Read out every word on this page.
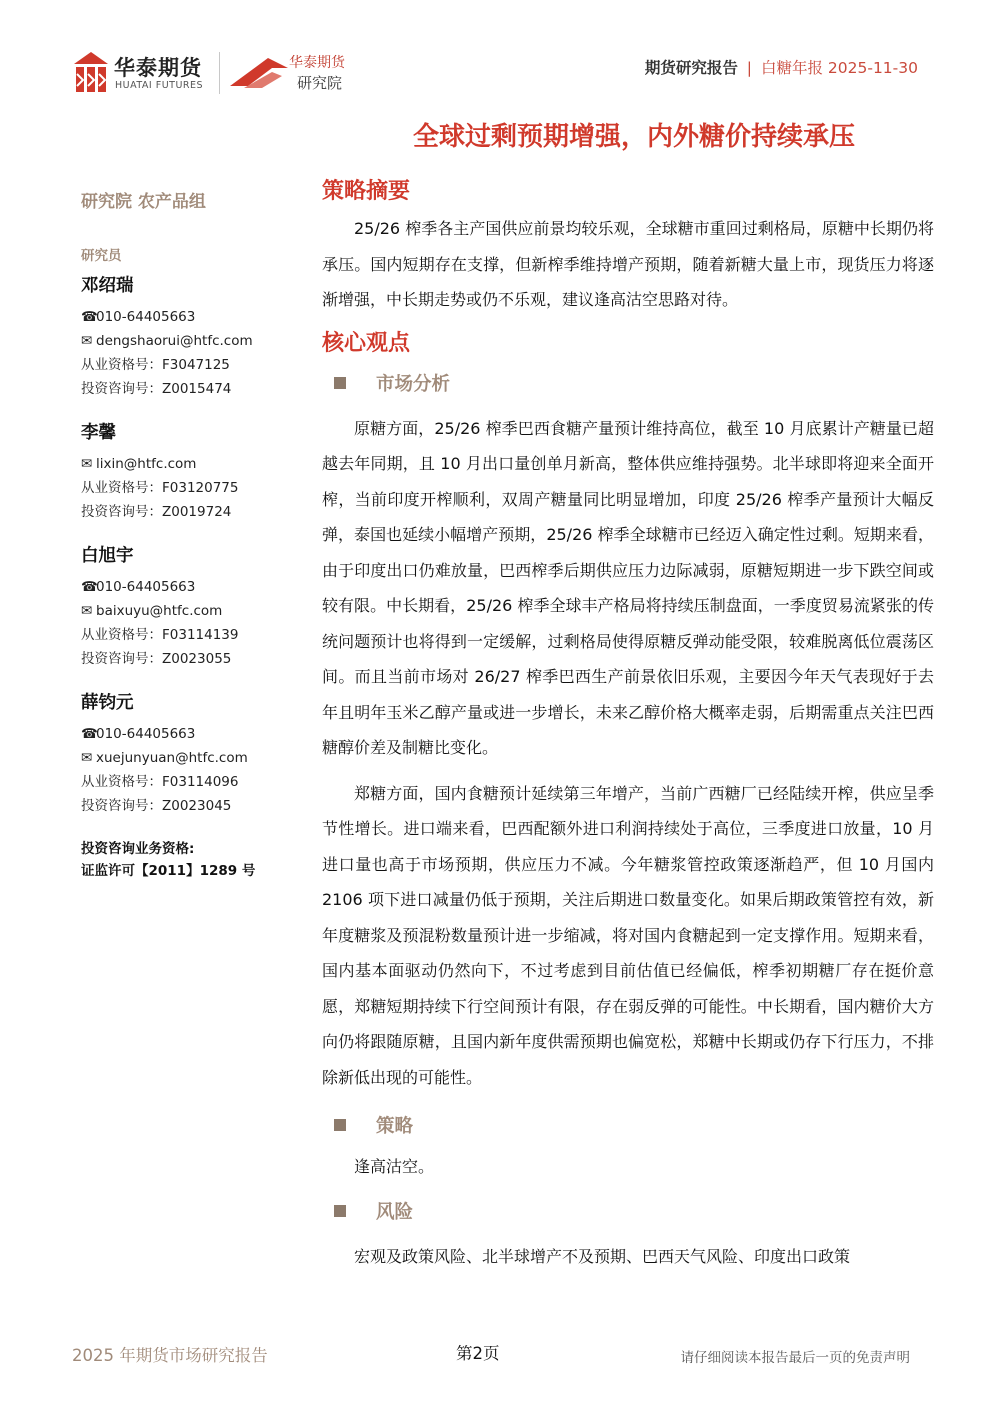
华泰期货
HUATAI FUTURES
华泰期货
研究院
期货研究报告 | 白糖年报 2025-11-30
全球过剩预期增强，内外糖价持续承压
研究院 农产品组
研究员
邓绍瑞
☎010-64405663
✉ dengshaorui@htfc.com
从业资格号：F3047125
投资咨询号：Z0015474
李馨
✉ lixin@htfc.com
从业资格号：F03120775
投资咨询号：Z0019724
白旭宇
☎010-64405663
✉ baixuyu@htfc.com
从业资格号：F03114139
投资咨询号：Z0023055
薛钧元
☎010-64405663
✉ xuejunyuan@htfc.com
从业资格号：F03114096
投资咨询号：Z0023045
投资咨询业务资格:
证监许可【2011】1289 号
策略摘要

25/26 榨季各主产国供应前景均较乐观，全球糖市重回过剩格局，原糖中长期仍将承压。国内短期存在支撑，但新榨季维持增产预期，随着新糖大量上市，现货压力将逐渐增强，中长期走势或仍不乐观，建议逢高沽空思路对待。

核心观点
市场分析

原糖方面，25/26 榨季巴西食糖产量预计维持高位，截至 10 月底累计产糖量已超越去年同期，且 10 月出口量创单月新高，整体供应维持强势。北半球即将迎来全面开榨，当前印度开榨顺利，双周产糖量同比明显增加，印度 25/26 榨季产量预计大幅反弹，泰国也延续小幅增产预期，25/26 榨季全球糖市已经迈入确定性过剩。短期来看，由于印度出口仍难放量，巴西榨季后期供应压力边际减弱，原糖短期进一步下跌空间或较有限。中长期看，25/26 榨季全球丰产格局将持续压制盘面，一季度贸易流紧张的传统问题预计也将得到一定缓解，过剩格局使得原糖反弹动能受限，较难脱离低位震荡区间。而且当前市场对 26/27 榨季巴西生产前景依旧乐观，主要因今年天气表现好于去年且明年玉米乙醇产量或进一步增长，未来乙醇价格大概率走弱，后期需重点关注巴西糖醇价差及制糖比变化。

郑糖方面，国内食糖预计延续第三年增产，当前广西糖厂已经陆续开榨，供应呈季节性增长。进口端来看，巴西配额外进口利润持续处于高位，三季度进口放量，10 月进口量也高于市场预期，供应压力不减。今年糖浆管控政策逐渐趋严，但 10 月国内 2106 项下进口减量仍低于预期，关注后期进口数量变化。如果后期政策管控有效，新年度糖浆及预混粉数量预计进一步缩减，将对国内食糖起到一定支撑作用。短期来看，国内基本面驱动仍然向下，不过考虑到目前估值已经偏低，榨季初期糖厂存在挺价意愿，郑糖短期持续下行空间预计有限，存在弱反弹的可能性。中长期看，国内糖价大方向仍将跟随原糖，且国内新年度供需预期也偏宽松，郑糖中长期或仍存下行压力，不排除新低出现的可能性。

策略

逢高沽空。

风险

宏观及政策风险、北半球增产不及预期、巴西天气风险、印度出口政策

2025 年期货市场研究报告	第2页	请仔细阅读本报告最后一页的免责声明
